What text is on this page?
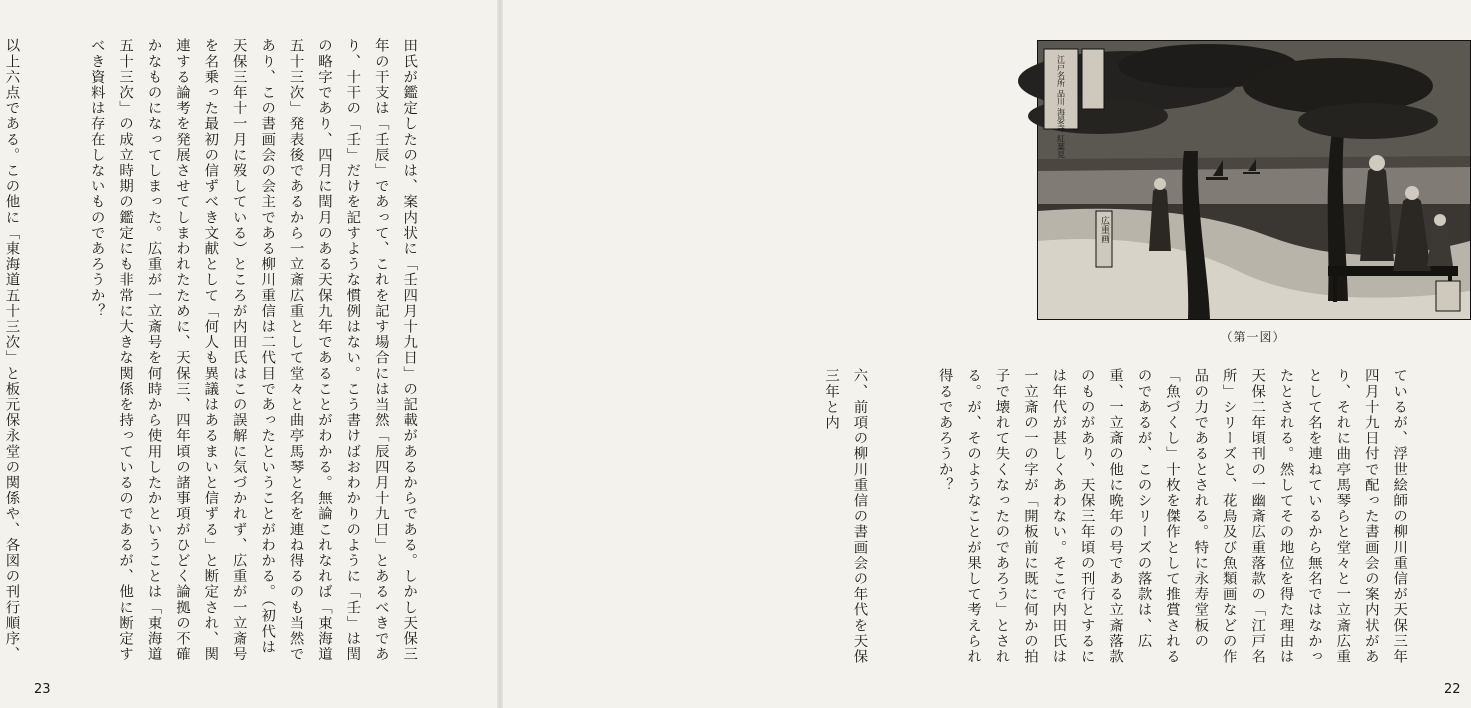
田氏が鑑定したのは、案内状に「壬四月十九日」の記載があるからである。しかし天保三年の干支は「壬辰」であって、これを記す場合には当然「辰四月十九日」とあるべきであり、十干の「壬」だけを記すような慣例はない。こう書けばおわかりのように「壬」は閏の略字であり、四月に閏月のある天保九年であることがわかる。無論これなれば「東海道五十三次」発表後であるから一立斎広重として堂々と曲亭馬琴と名を連ね得るのも当然であり、この書画会の会主である柳川重信は二代目であったということがわかる。（初代は天保三年十一月に歿している）ところが内田氏はこの誤解に気づかれず、広重が一立斎号を名乗った最初の信ずべき文献として「何人も異議はあるまいと信ずる」と断定され、関連する論考を発展させてしまわれたために、天保三、四年頃の諸事項がひどく論拠の不確かなものになってしまった。広重が一立斎号を何時から使用したかということは「東海道五十三次」の成立時期の鑑定にも非常に大きな関係を持っているのであるが、他に断定すべき資料は存在しないものであろうか？

以上六点である。この他に「東海道五十三次」と板元保永堂の関係や、各図の刊行順序、

23
江戸名所 品川 海晏寺 紅葉見
広重画
（第一図）

ているが、浮世絵師の柳川重信が天保三年四月十九日付で配った書画会の案内状があり、それに曲亭馬琴らと堂々と一立斎広重として名を連ねているから無名ではなかったとされる。然してその地位を得た理由は天保二年頃刊の一幽斎広重落款の「江戸名所」シリーズと、花鳥及び魚類画などの作品の力であるとされる。特に永寿堂板の「魚づくし」十枚を傑作として推賞されるのであるが、このシリーズの落款は、広重、一立斎の他に晩年の号である立斎落款のものがあり、天保三年頃の刊行とするには年代が甚しくあわない。そこで内田氏は一立斎の一の字が「開板前に既に何かの拍子で壊れて失くなったのであろう」とされる。が、そのようなことが果して考えられ得るであろうか？

六、前項の柳川重信の書画会の年代を天保三年と内

22
